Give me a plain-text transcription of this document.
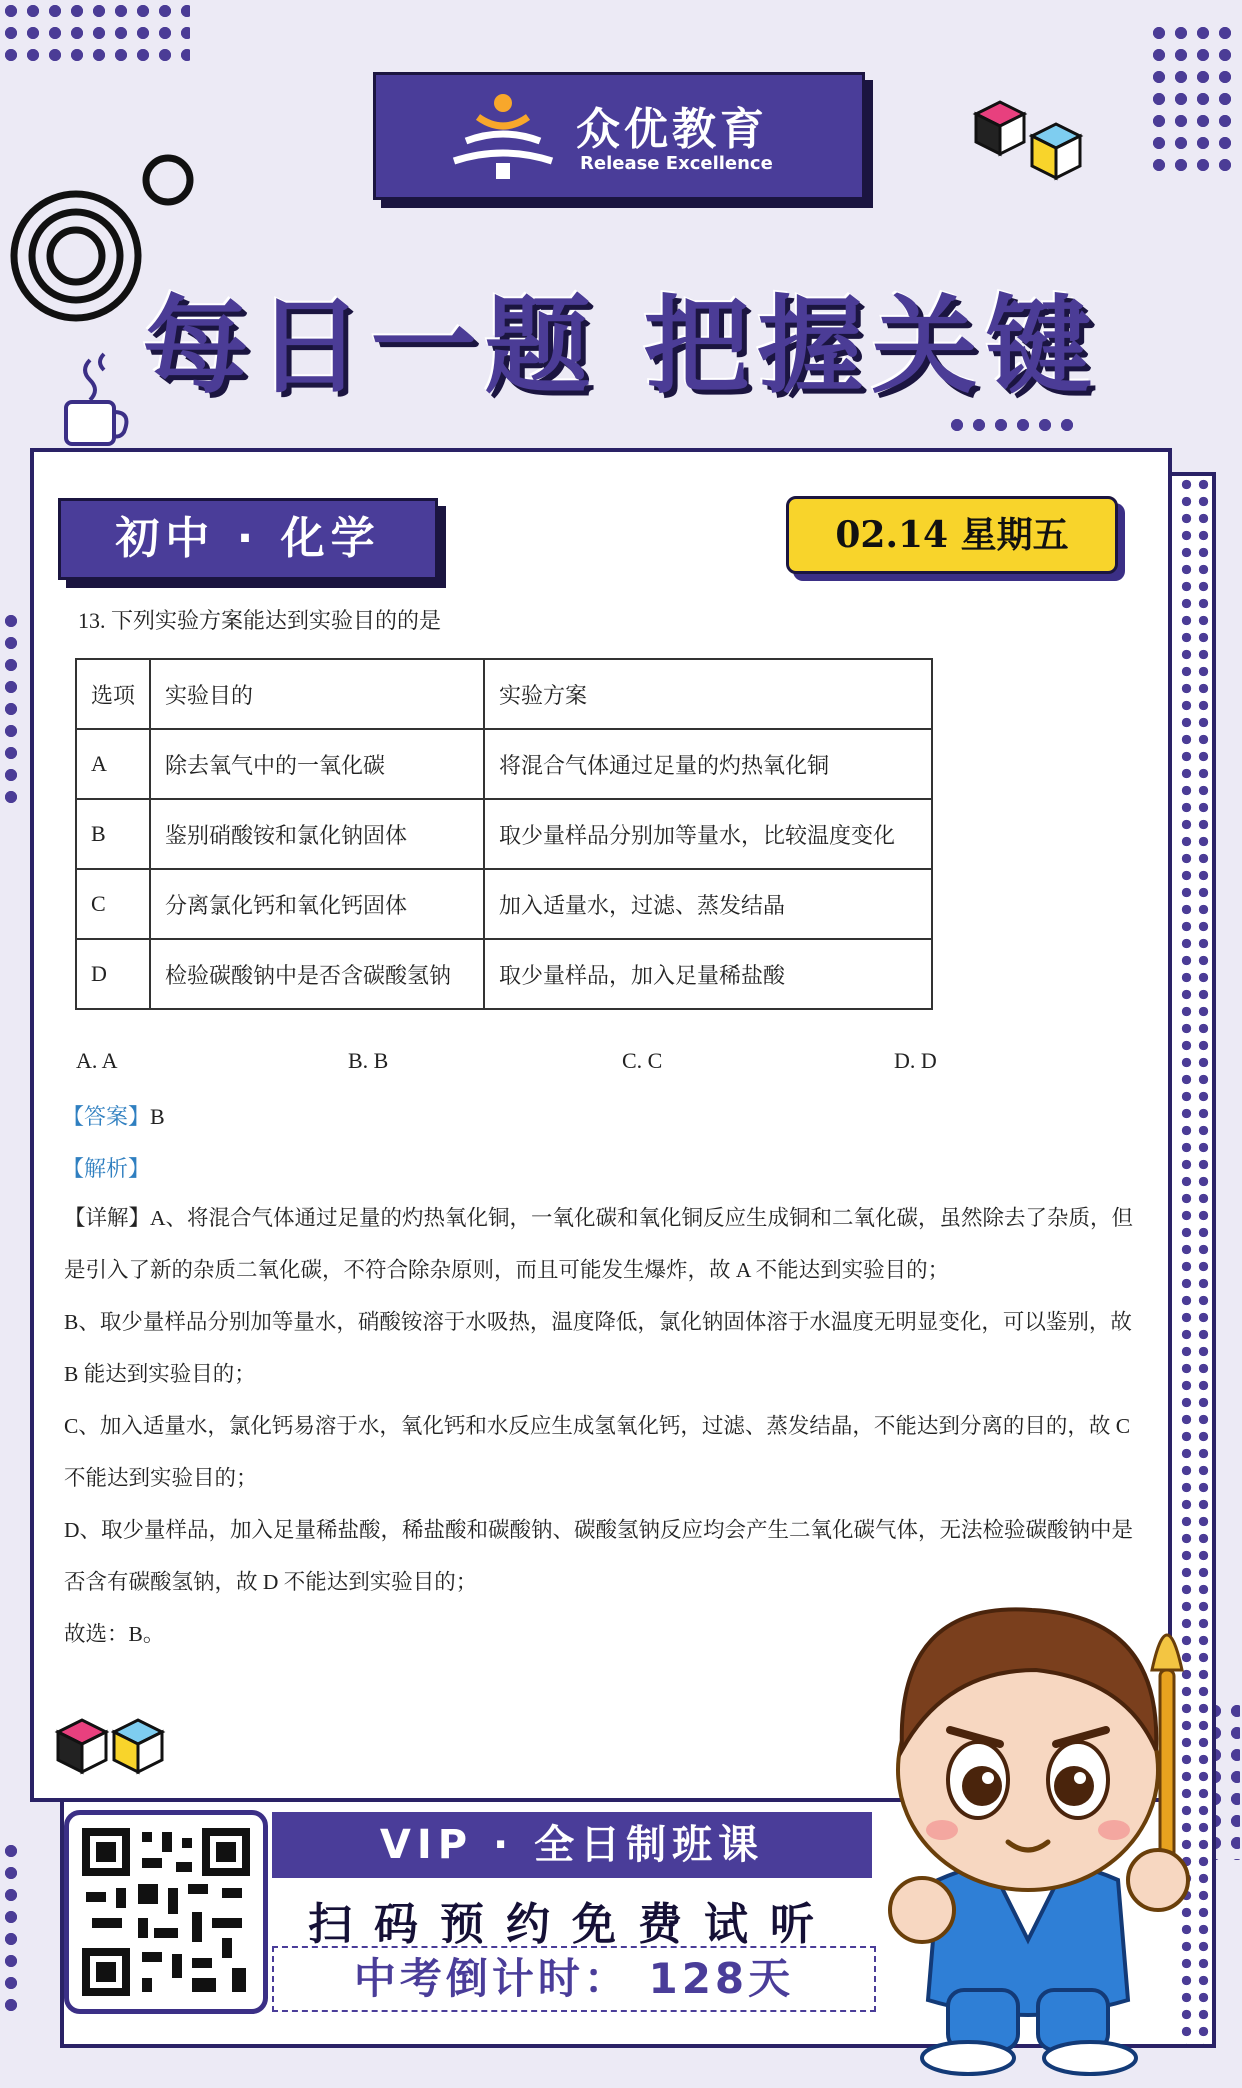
众优教育
Release Excellence
每日一题 把握关键
初中 · 化学	02.14 星期五
13. 下列实验方案能达到实验目的的是
选项	实验目的	实验方案
A	除去氧气中的一氧化碳	将混合气体通过足量的灼热氧化铜
B	鉴别硝酸铵和氯化钠固体	取少量样品分别加等量水，比较温度变化
C	分离氯化钙和氧化钙固体	加入适量水，过滤、蒸发结晶
D	检验碳酸钠中是否含碳酸氢钠	取少量样品，加入足量稀盐酸
A. A	B. B	C. C	D. D
【答案】B
【解析】
【详解】A、将混合气体通过足量的灼热氧化铜，一氧化碳和氧化铜反应生成铜和二氧化碳，虽然除去了杂质，但是引入了新的杂质二氧化碳，不符合除杂原则，而且可能发生爆炸，故 A 不能达到实验目的；
B、取少量样品分别加等量水，硝酸铵溶于水吸热，温度降低，氯化钠固体溶于水温度无明显变化，可以鉴别，故 B 能达到实验目的；
C、加入适量水，氯化钙易溶于水，氧化钙和水反应生成氢氧化钙，过滤、蒸发结晶，不能达到分离的目的，故 C 不能达到实验目的；
D、取少量样品，加入足量稀盐酸，稀盐酸和碳酸钠、碳酸氢钠反应均会产生二氧化碳气体，无法检验碳酸钠中是否含有碳酸氢钠，故 D 不能达到实验目的；
故选：B。
VIP · 全日制班课
扫码预约免费试听
中考倒计时： 128天
